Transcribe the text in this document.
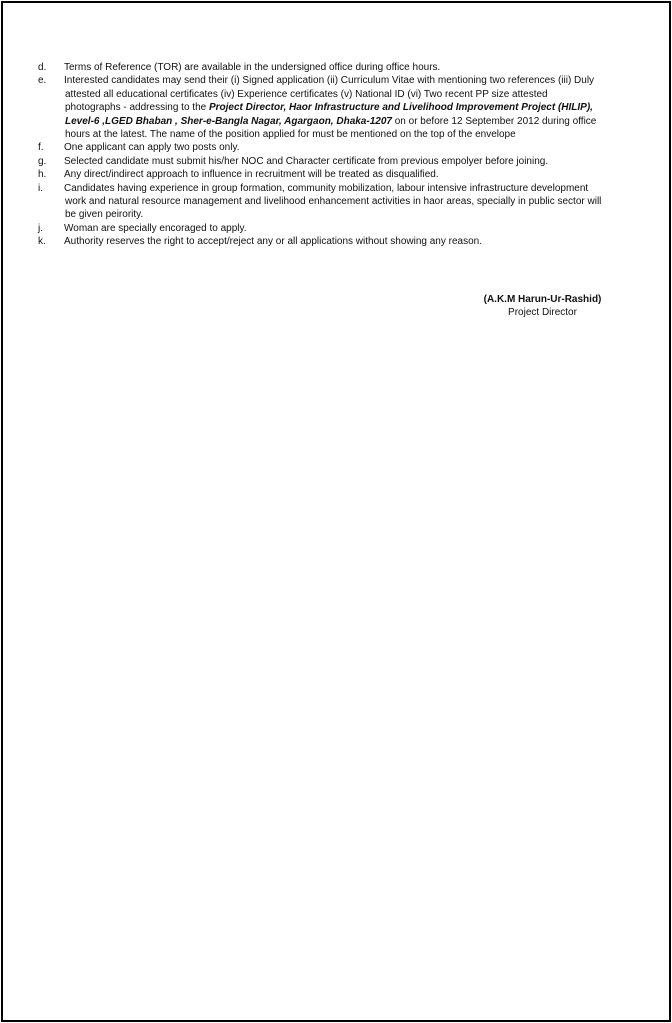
d.	Terms of Reference (TOR) are available in the undersigned office during office hours.
e.	Interested candidates may send their (i) Signed application (ii) Curriculum Vitae with mentioning two references (iii) Duly
attested all educational certificates (iv) Experience certificates (v) National ID (vi) Two recent PP size attested
photographs - addressing to the Project Director, Haor Infrastructure and Livelihood Improvement Project (HILIP),
Level-6 ,LGED Bhaban , Sher-e-Bangla Nagar, Agargaon, Dhaka-1207 on or before 12 September 2012 during office
hours at the latest. The name of the position applied for must be mentioned on the top of the envelope
f.	One applicant can apply two posts only.
g.	Selected candidate must submit his/her NOC and Character certificate from previous empolyer before joining.
h.	Any direct/indirect approach to influence in recruitment will be treated as disqualified.
i.	Candidates having experience in group formation, community mobilization, labour intensive infrastructure development
work and natural resource management and livelihood enhancement activities in haor areas, specially in public sector will
be given peirority.
j.	Woman are specially encoraged to apply.
k.	Authority reserves the right to accept/reject any or all applications without showing any reason.
(A.K.M Harun-Ur-Rashid)
Project Director
